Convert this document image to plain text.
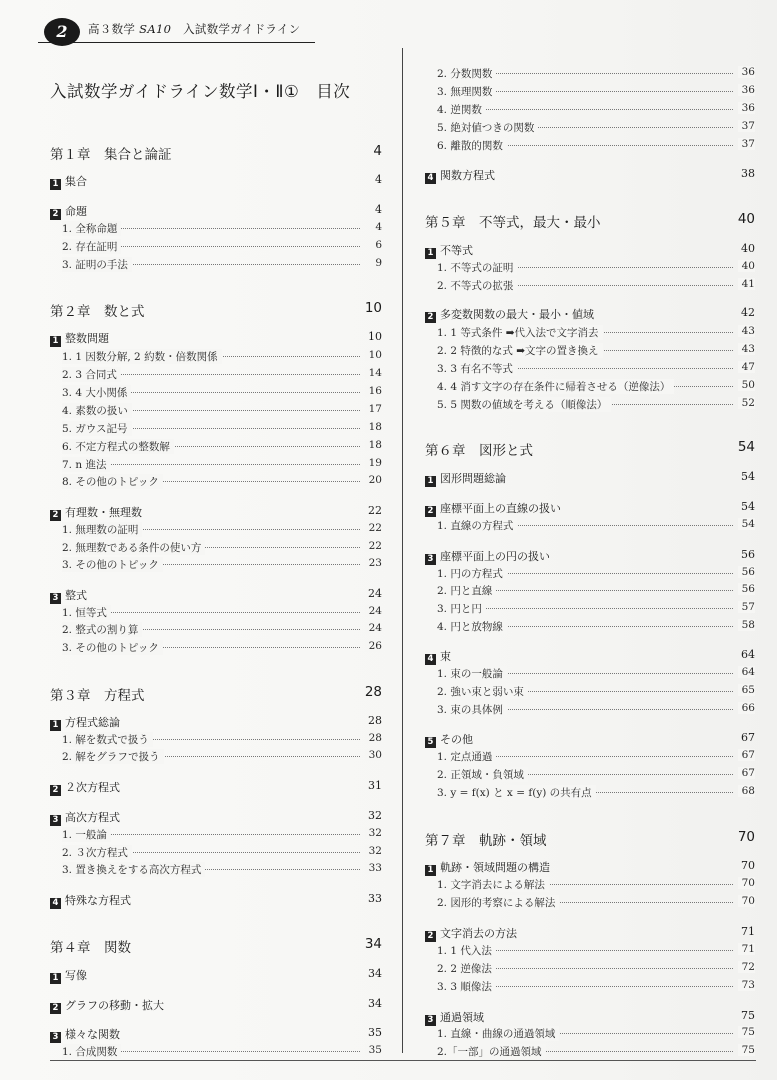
2	高３数学 SA10 入試数学ガイドライン
入試数学ガイドライン数学Ⅰ・Ⅱ①　目次
第１章　集合と論証	4
1 集合	4
2 命題	4
1. 全称命題	4
2. 存在証明	6
3. 証明の手法	9
第２章　数と式	10
1 整数問題	10
1. 1 因数分解, 2 約数・倍数関係	10
2. 3 合同式	14
3. 4 大小関係	16
4. 素数の扱い	17
5. ガウス記号	18
6. 不定方程式の整数解	18
7. n 進法	19
8. その他のトピック	20
2 有理数・無理数	22
1. 無理数の証明	22
2. 無理数である条件の使い方	22
3. その他のトピック	23
3 整式	24
1. 恒等式	24
2. 整式の割り算	24
3. その他のトピック	26
第３章　方程式	28
1 方程式総論	28
1. 解を数式で扱う	28
2. 解をグラフで扱う	30
2 ２次方程式	31
3 高次方程式	32
1. 一般論	32
2. ３次方程式	32
3. 置き換えをする高次方程式	33
4 特殊な方程式	33
第４章　関数	34
1 写像	34
2 グラフの移動・拡大	34
3 様々な関数	35
1. 合成関数	35
2. 分数関数	36
3. 無理関数	36
4. 逆関数	36
5. 絶対値つきの関数	37
6. 離散的関数	37
4 関数方程式	38
第５章　不等式，最大・最小	40
1 不等式	40
1. 不等式の証明	40
2. 不等式の拡張	41
2 多変数関数の最大・最小・値域	42
1. 1 等式条件 ➡代入法で文字消去	43
2. 2 特徴的な式 ➡文字の置き換え	43
3. 3 有名不等式	47
4. 4 消す文字の存在条件に帰着させる（逆像法）	50
5. 5 関数の値域を考える（順像法）	52
第６章　図形と式	54
1 図形問題総論	54
2 座標平面上の直線の扱い	54
1. 直線の方程式	54
3 座標平面上の円の扱い	56
1. 円の方程式	56
2. 円と直線	56
3. 円と円	57
4. 円と放物線	58
4 束	64
1. 束の一般論	64
2. 強い束と弱い束	65
3. 束の具体例	66
5 その他	67
1. 定点通過	67
2. 正領域・負領域	67
3. y = f(x) と x = f(y) の共有点	68
第７章　軌跡・領域	70
1 軌跡・領域問題の構造	70
1. 文字消去による解法	70
2. 図形的考察による解法	70
2 文字消去の方法	71
1. 1 代入法	71
2. 2 逆像法	72
3. 3 順像法	73
3 通過領域	75
1. 直線・曲線の通過領域	75
2.「一部」の通過領域	75
